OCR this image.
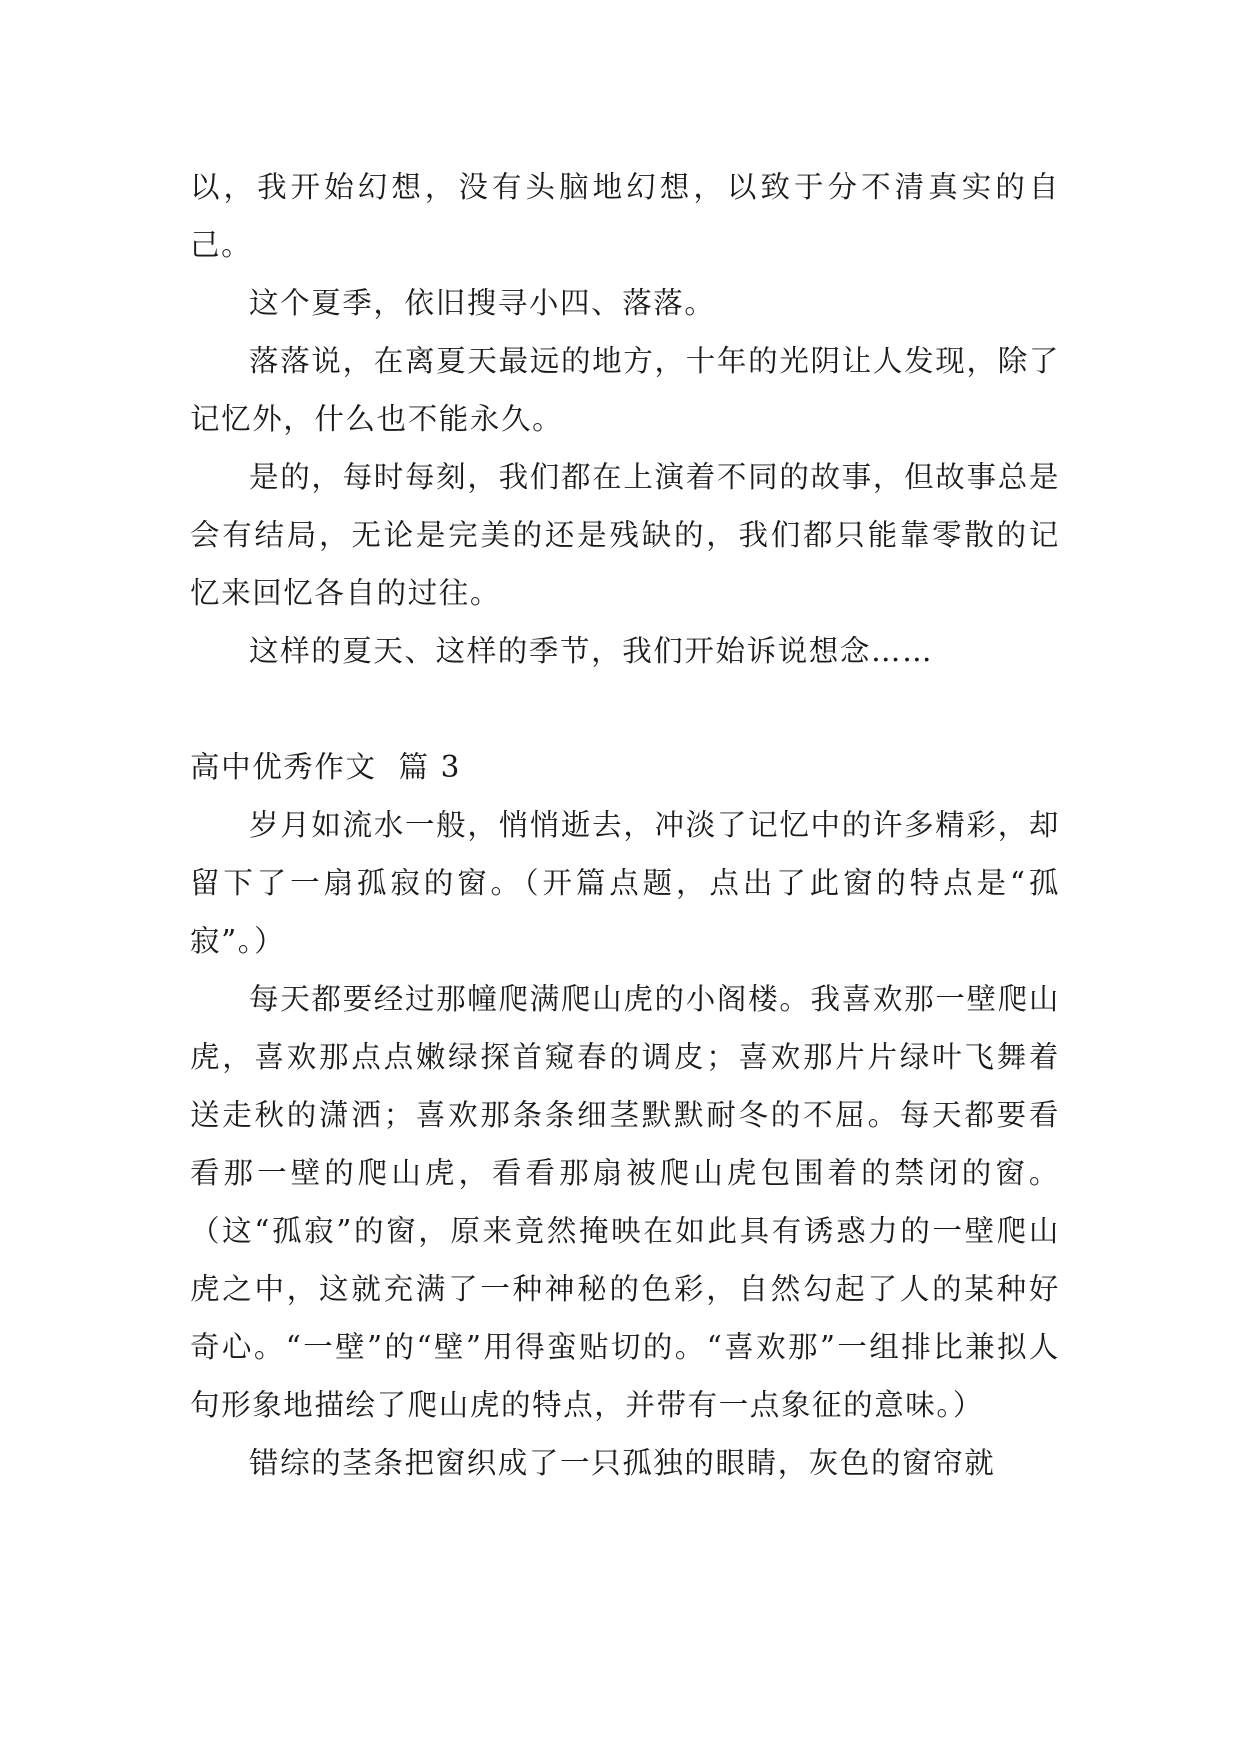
以，我开始幻想，没有头脑地幻想，以致于分不清真实的自己。

这个夏季，依旧搜寻小四、落落。

落落说，在离夏天最远的地方，十年的光阴让人发现，除了记忆外，什么也不能永久。

是的，每时每刻，我们都在上演着不同的故事，但故事总是会有结局，无论是完美的还是残缺的，我们都只能靠零散的记忆来回忆各自的过往。

这样的夏天、这样的季节，我们开始诉说想念……

高中优秀作文  篇 3

岁月如流水一般，悄悄逝去，冲淡了记忆中的许多精彩，却留下了一扇孤寂的窗。（开篇点题，点出了此窗的特点是“孤寂”。）

每天都要经过那幢爬满爬山虎的小阁楼。我喜欢那一壁爬山虎，喜欢那点点嫩绿探首窥春的调皮；喜欢那片片绿叶飞舞着送走秋的潇洒；喜欢那条条细茎默默耐冬的不屈。每天都要看看那一壁的爬山虎，看看那扇被爬山虎包围着的禁闭的窗。（这“孤寂”的窗，原来竟然掩映在如此具有诱惑力的一壁爬山虎之中，这就充满了一种神秘的色彩，自然勾起了人的某种好奇心。“一壁”的“壁”用得蛮贴切的。“喜欢那”一组排比兼拟人句形象地描绘了爬山虎的特点，并带有一点象征的意味。）

错综的茎条把窗织成了一只孤独的眼睛，灰色的窗帘就
